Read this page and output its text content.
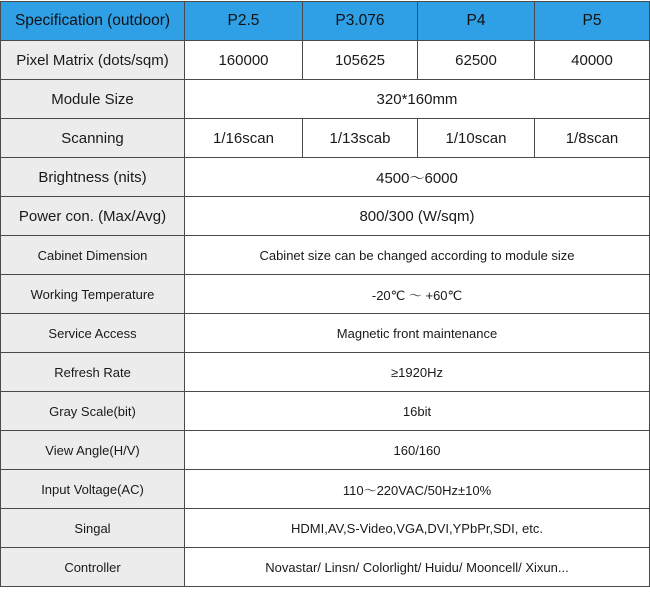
Specification (outdoor)	P2.5	P3.076	P4	P5
Pixel Matrix (dots/sqm)	160000	105625	62500	40000
Module Size	320*160mm			
Scanning	1/16scan	1/13scab	1/10scan	1/8scan
Brightness (nits)	4500～6000			
Power con. (Max/Avg)	800/300 (W/sqm)			
Cabinet Dimension	Cabinet size can be changed according to module size			
Working Temperature	-20℃ ～ +60℃			
Service Access	Magnetic front maintenance			
Refresh Rate	≥1920Hz			
Gray Scale(bit)	16bit			
View Angle(H/V)	160/160			
Input Voltage(AC)	110～220VAC/50Hz±10%			
Singal	HDMI,AV,S-Video,VGA,DVI,YPbPr,SDI, etc.			
Controller	Novastar/ Linsn/ Colorlight/ Huidu/ Mooncell/ Xixun...			
